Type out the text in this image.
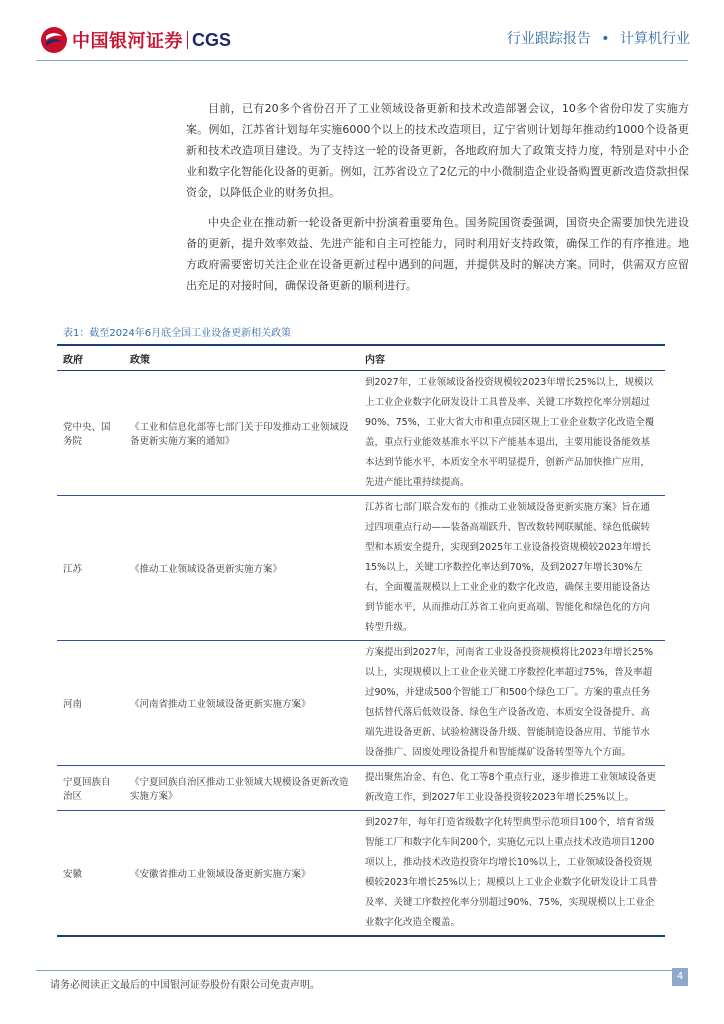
中国银河证券 CGS	行业跟踪报告 • 计算机行业
目前，已有20多个省份召开了工业领域设备更新和技术改造部署会议，10多个省份印发了实施方案。例如，江苏省计划每年实施6000个以上的技术改造项目，辽宁省则计划每年推动约1000个设备更新和技术改造项目建设。为了支持这一轮的设备更新，各地政府加大了政策支持力度，特别是对中小企业和数字化智能化设备的更新。例如，江苏省设立了2亿元的中小微制造企业设备购置更新改造贷款担保资金，以降低企业的财务负担。
中央企业在推动新一轮设备更新中扮演着重要角色。国务院国资委强调，国资央企需要加快先进设备的更新，提升效率效益、先进产能和自主可控能力，同时利用好支持政策，确保工作的有序推进。地方政府需要密切关注企业在设备更新过程中遇到的问题，并提供及时的解决方案。同时，供需双方应留出充足的对接时间，确保设备更新的顺利进行。
表1：截至2024年6月底全国工业设备更新相关政策
政府	政策	内容
党中央、国务院	《工业和信息化部等七部门关于印发推动工业领域设备更新实施方案的通知》	到2027年，工业领域设备投资规模较2023年增长25%以上，规模以上工业企业数字化研发设计工具普及率、关键工序数控化率分别超过90%、75%，工业大省大市和重点园区规上工业企业数字化改造全覆盖，重点行业能效基准水平以下产能基本退出，主要用能设备能效基本达到节能水平，本质安全水平明显提升，创新产品加快推广应用，先进产能比重持续提高。
江苏	《推动工业领域设备更新实施方案》	江苏省七部门联合发布的《推动工业领域设备更新实施方案》旨在通过四项重点行动——装备高端跃升、智改数转网联赋能、绿色低碳转型和本质安全提升，实现到2025年工业设备投资规模较2023年增长15%以上，关键工序数控化率达到70%，及到2027年增长30%左右，全面覆盖规模以上工业企业的数字化改造，确保主要用能设备达到节能水平，从而推动江苏省工业向更高端、智能化和绿色化的方向转型升级。
河南	《河南省推动工业领域设备更新实施方案》	方案提出到2027年，河南省工业设备投资规模将比2023年增长25%以上，实现规模以上工业企业关键工序数控化率超过75%，普及率超过90%，并建成500个智能工厂和500个绿色工厂。方案的重点任务包括替代落后低效设备、绿色生产设备改造、本质安全设备提升、高端先进设备更新、试验检测设备升级、智能制造设备应用、节能节水设备推广、固废处理设备提升和智能煤矿设备转型等九个方面。
宁夏回族自治区	《宁夏回族自治区推动工业领域大规模设备更新改造实施方案》	提出聚焦冶金、有色、化工等8个重点行业，逐步推进工业领域设备更新改造工作，到2027年工业设备投资较2023年增长25%以上。
安徽	《安徽省推动工业领域设备更新实施方案》	到2027年，每年打造省级数字化转型典型示范项目100个，培育省级智能工厂和数字化车间200个，实施亿元以上重点技术改造项目1200项以上，推动技术改造投资年均增长10%以上，工业领域设备投资规模较2023年增长25%以上；规模以上工业企业数字化研发设计工具普及率、关键工序数控化率分别超过90%、75%，实现规模以上工业企业数字化改造全覆盖。
请务必阅读正文最后的中国银河证券股份有限公司免责声明。
4
